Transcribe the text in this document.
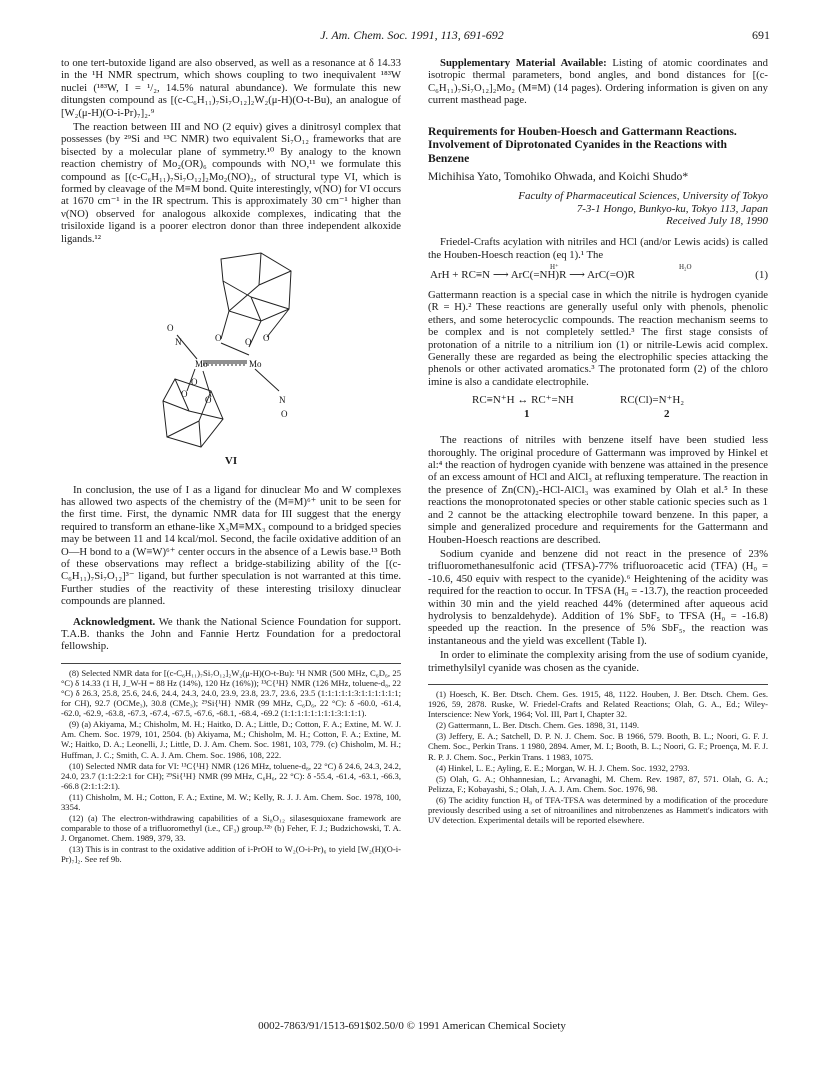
J. Am. Chem. Soc. 1991, 113, 691-692	691

to one tert-butoxide ligand are also observed, as well as a resonance at δ 14.33 in the ¹H NMR spectrum, which shows coupling to two inequivalent ¹⁸³W nuclei (¹⁸³W, I = ¹/₂, 14.5% natural abundance). We formulate this new ditungsten compound as [(c-C₆H₁₁)₇Si₇O₁₂]₂W₂(μ-H)(O-t-Bu), an analogue of [W₂(μ-H)(O-i-Pr)₇]₂.⁹

The reaction between III and NO (2 equiv) gives a dinitrosyl complex that possesses (by ²⁹Si and ¹³C NMR) two equivalent Si₇O₁₂ frameworks that are bisected by a molecular plane of symmetry.¹⁰ By analogy to the known reaction chemistry of Mo₂(OR)₆ compounds with NO,¹¹ we formulate this compound as [(c-C₆H₁₁)₇Si₇O₁₂]₂Mo₂(NO)₂, of structural type VI, which is formed by cleavage of the M≡M bond. Quite interestingly, ν(NO) for VI occurs at 1670 cm⁻¹ in the IR spectrum. This is approximately 30 cm⁻¹ higher than ν(NO) observed for analogous alkoxide complexes, indicating that the trisiloxide ligand is a poorer electron donor than three independent alkoxide ligands.¹²

Mo	Mo
O
N
N
O
O	O O
O
O
O
VI

In conclusion, the use of I as a ligand for dinuclear Mo and W complexes has allowed two aspects of the chemistry of the (M≡M)⁶⁺ unit to be seen for the first time. First, the dynamic NMR data for III suggest that the energy required to transform an ethane-like X₃M≡MX₃ compound to a bridged species may be between 11 and 14 kcal/mol. Second, the facile oxidative addition of an O—H bond to a (W≡W)⁶⁺ center occurs in the absence of a Lewis base.¹³ Both of these observations may reflect a bridge-stabilizing ability of the [(c-C₆H₁₁)₇Si₇O₁₂]³⁻ ligand, but further speculation is not warranted at this time. Further studies of the reactivity of these interesting trisiloxy dinuclear compounds are planned.

Acknowledgment. We thank the National Science Foundation for support. T.A.B. thanks the John and Fannie Hertz Foundation for a predoctoral fellowship.

(8) Selected NMR data for [(c-C₆H₁₁)₇Si₇O₁₂]₂W₂(μ-H)(O-t-Bu): ¹H NMR (500 MHz, C₆D₆, 25 °C) δ 14.33 (1 H, J_W-H = 88 Hz (14%), 120 Hz (16%)); ¹³C{¹H} NMR (126 MHz, toluene-d₈, 22 °C) δ 26.3, 25.8, 25.6, 24.6, 24.4, 24.3, 24.0, 23.9, 23.8, 23.7, 23.6, 23.5 (1:1:1:1:1:3:1:1:1:1:1:1; for CH), 92.7 (OCMe₃), 30.8 (CMe₃); ²⁹Si{¹H} NMR (99 MHz, C₆D₆, 22 °C): δ -60.0, -61.4, -62.0, -62.9, -63.8, -67.3, -67.4, -67.5, -67.6, -68.1, -68.4, -69.2 (1:1:1:1:1:1:1:1:3:1:1:1).
(9) (a) Akiyama, M.; Chisholm, M. H.; Haitko, D. A.; Little, D.; Cotton, F. A.; Extine, M. W. J. Am. Chem. Soc. 1979, 101, 2504. (b) Akiyama, M.; Chisholm, M. H.; Cotton, F. A.; Extine, M. W.; Haitko, D. A.; Leonelli, J.; Little, D. J. Am. Chem. Soc. 1981, 103, 779. (c) Chisholm, M. H.; Huffman, J. C.; Smith, C. A. J. Am. Chem. Soc. 1986, 108, 222.
(10) Selected NMR data for VI: ¹³C{¹H} NMR (126 MHz, toluene-d₈, 22 °C) δ 24.6, 24.3, 24.2, 24.0, 23.7 (1:1:2:2:1 for CH); ²⁹Si{¹H} NMR (99 MHz, C₆H₆, 22 °C): δ -55.4, -61.4, -63.1, -66.3, -66.8 (2:1:1:2:1).
(11) Chisholm, M. H.; Cotton, F. A.; Extine, M. W.; Kelly, R. J. J. Am. Chem. Soc. 1978, 100, 3354.
(12) (a) The electron-withdrawing capabilities of a Si₈O₁₂ silasesquioxane framework are comparable to those of a trifluoromethyl (i.e., CF₃) group.¹²ᵇ (b) Feher, F. J.; Budzichowski, T. A. J. Organomet. Chem. 1989, 379, 33.
(13) This is in contrast to the oxidative addition of i-PrOH to W₂(O-i-Pr)₆ to yield [W₂(H)(O-i-Pr)₇]₂. See ref 9b.

Supplementary Material Available: Listing of atomic coordinates and isotropic thermal parameters, bond angles, and bond distances for [(c-C₆H₁₁)₇Si₇O₁₂]₂Mo₂ (M≡M) (14 pages). Ordering information is given on any current masthead page.

Requirements for Houben-Hoesch and Gattermann Reactions. Involvement of Diprotonated Cyanides in the Reactions with Benzene
Michihisa Yato, Tomohiko Ohwada, and Koichi Shudo*
Faculty of Pharmaceutical Sciences, University of Tokyo
7-3-1 Hongo, Bunkyo-ku, Tokyo 113, Japan
Received July 18, 1990

Friedel-Crafts acylation with nitriles and HCl (and/or Lewis acids) is called the Houben-Hoesch reaction (eq 1).¹ The

H⁺	H₂O
ArH + RC≡N ⟶ ArC(=NH)R ⟶ ArC(=O)R	(1)

Gattermann reaction is a special case in which the nitrile is hydrogen cyanide (R = H).² These reactions are generally useful only with phenols, phenolic ethers, and some heterocyclic compounds. The reaction mechanism seems to be complex and is not completely settled.³ The first stage consists of protonation of a nitrile to a nitrilium ion (1) or nitrile-Lewis acid complex. Generally these are regarded as being the electrophilic species attacking the phenols or other activated aromatics.³ The protonated form (2) of the chloro imine is also a candidate electrophile.

RC≡N⁺H ↔ RC⁺=NH	RC(Cl)=N⁺H₂
1	2

The reactions of nitriles with benzene itself have been studied less thoroughly. The original procedure of Gattermann was improved by Hinkel et al:⁴ the reaction of hydrogen cyanide with benzene was attained in the presence of an excess amount of HCl and AlCl₃ at refluxing temperature. The reaction in the presence of Zn(CN)₂-HCl-AlCl₃ was examined by Olah et al.⁵ In these reactions the monoprotonated species or other stable cationic species such as 1 and 2 cannot be the attacking electrophile toward benzene. In this paper, a simple and generalized procedure and requirements for the Gattermann and Houben-Hoesch reactions are described.

Sodium cyanide and benzene did not react in the presence of 23% trifluoromethanesulfonic acid (TFSA)-77% trifluoroacetic acid (TFA) (H₀ = -10.6, 450 equiv with respect to the cyanide).⁶ Heightening of the acidity was required for the reaction to occur. In TFSA (H₀ = -13.7), the reaction proceeded within 30 min and the yield reached 44% (determined after aqueous acid hydrolysis to benzaldehyde). Addition of 1% SbF₅ to TFSA (H₀ = -16.8) speeded up the reaction. In the presence of 5% SbF₅, the reaction was instantaneous and the yield was excellent (Table I).

In order to eliminate the complexity arising from the use of sodium cyanide, trimethylsilyl cyanide was chosen as the cyanide.

(1) Hoesch, K. Ber. Dtsch. Chem. Ges. 1915, 48, 1122. Houben, J. Ber. Dtsch. Chem. Ges. 1926, 59, 2878. Ruske, W. Friedel-Crafts and Related Reactions; Olah, G. A., Ed.; Wiley-Interscience: New York, 1964; Vol. III, Part I, Chapter 32.
(2) Gattermann, L. Ber. Dtsch. Chem. Ges. 1898, 31, 1149.
(3) Jeffery, E. A.; Satchell, D. P. N. J. Chem. Soc. B 1966, 579. Booth, B. L.; Noori, G. F. J. Chem. Soc., Perkin Trans. 1 1980, 2894. Amer, M. I.; Booth, B. L.; Noori, G. F.; Proença, M. F. J. R. P. J. Chem. Soc., Perkin Trans. 1 1983, 1075.
(4) Hinkel, L. E.; Ayling, E. E.; Morgan, W. H. J. Chem. Soc. 1932, 2793.
(5) Olah, G. A.; Ohhannesian, L.; Arvanaghi, M. Chem. Rev. 1987, 87, 571. Olah, G. A.; Pelizza, F.; Kobayashi, S.; Olah, J. A. J. Am. Chem. Soc. 1976, 98.
(6) The acidity function H₀ of TFA-TFSA was determined by a modification of the procedure previously described using a set of nitroanilines and nitrobenzenes as Hammett's indicators with UV detection. Experimental details will be reported elsewhere.
0002-7863/91/1513-691$02.50/0 © 1991 American Chemical Society
